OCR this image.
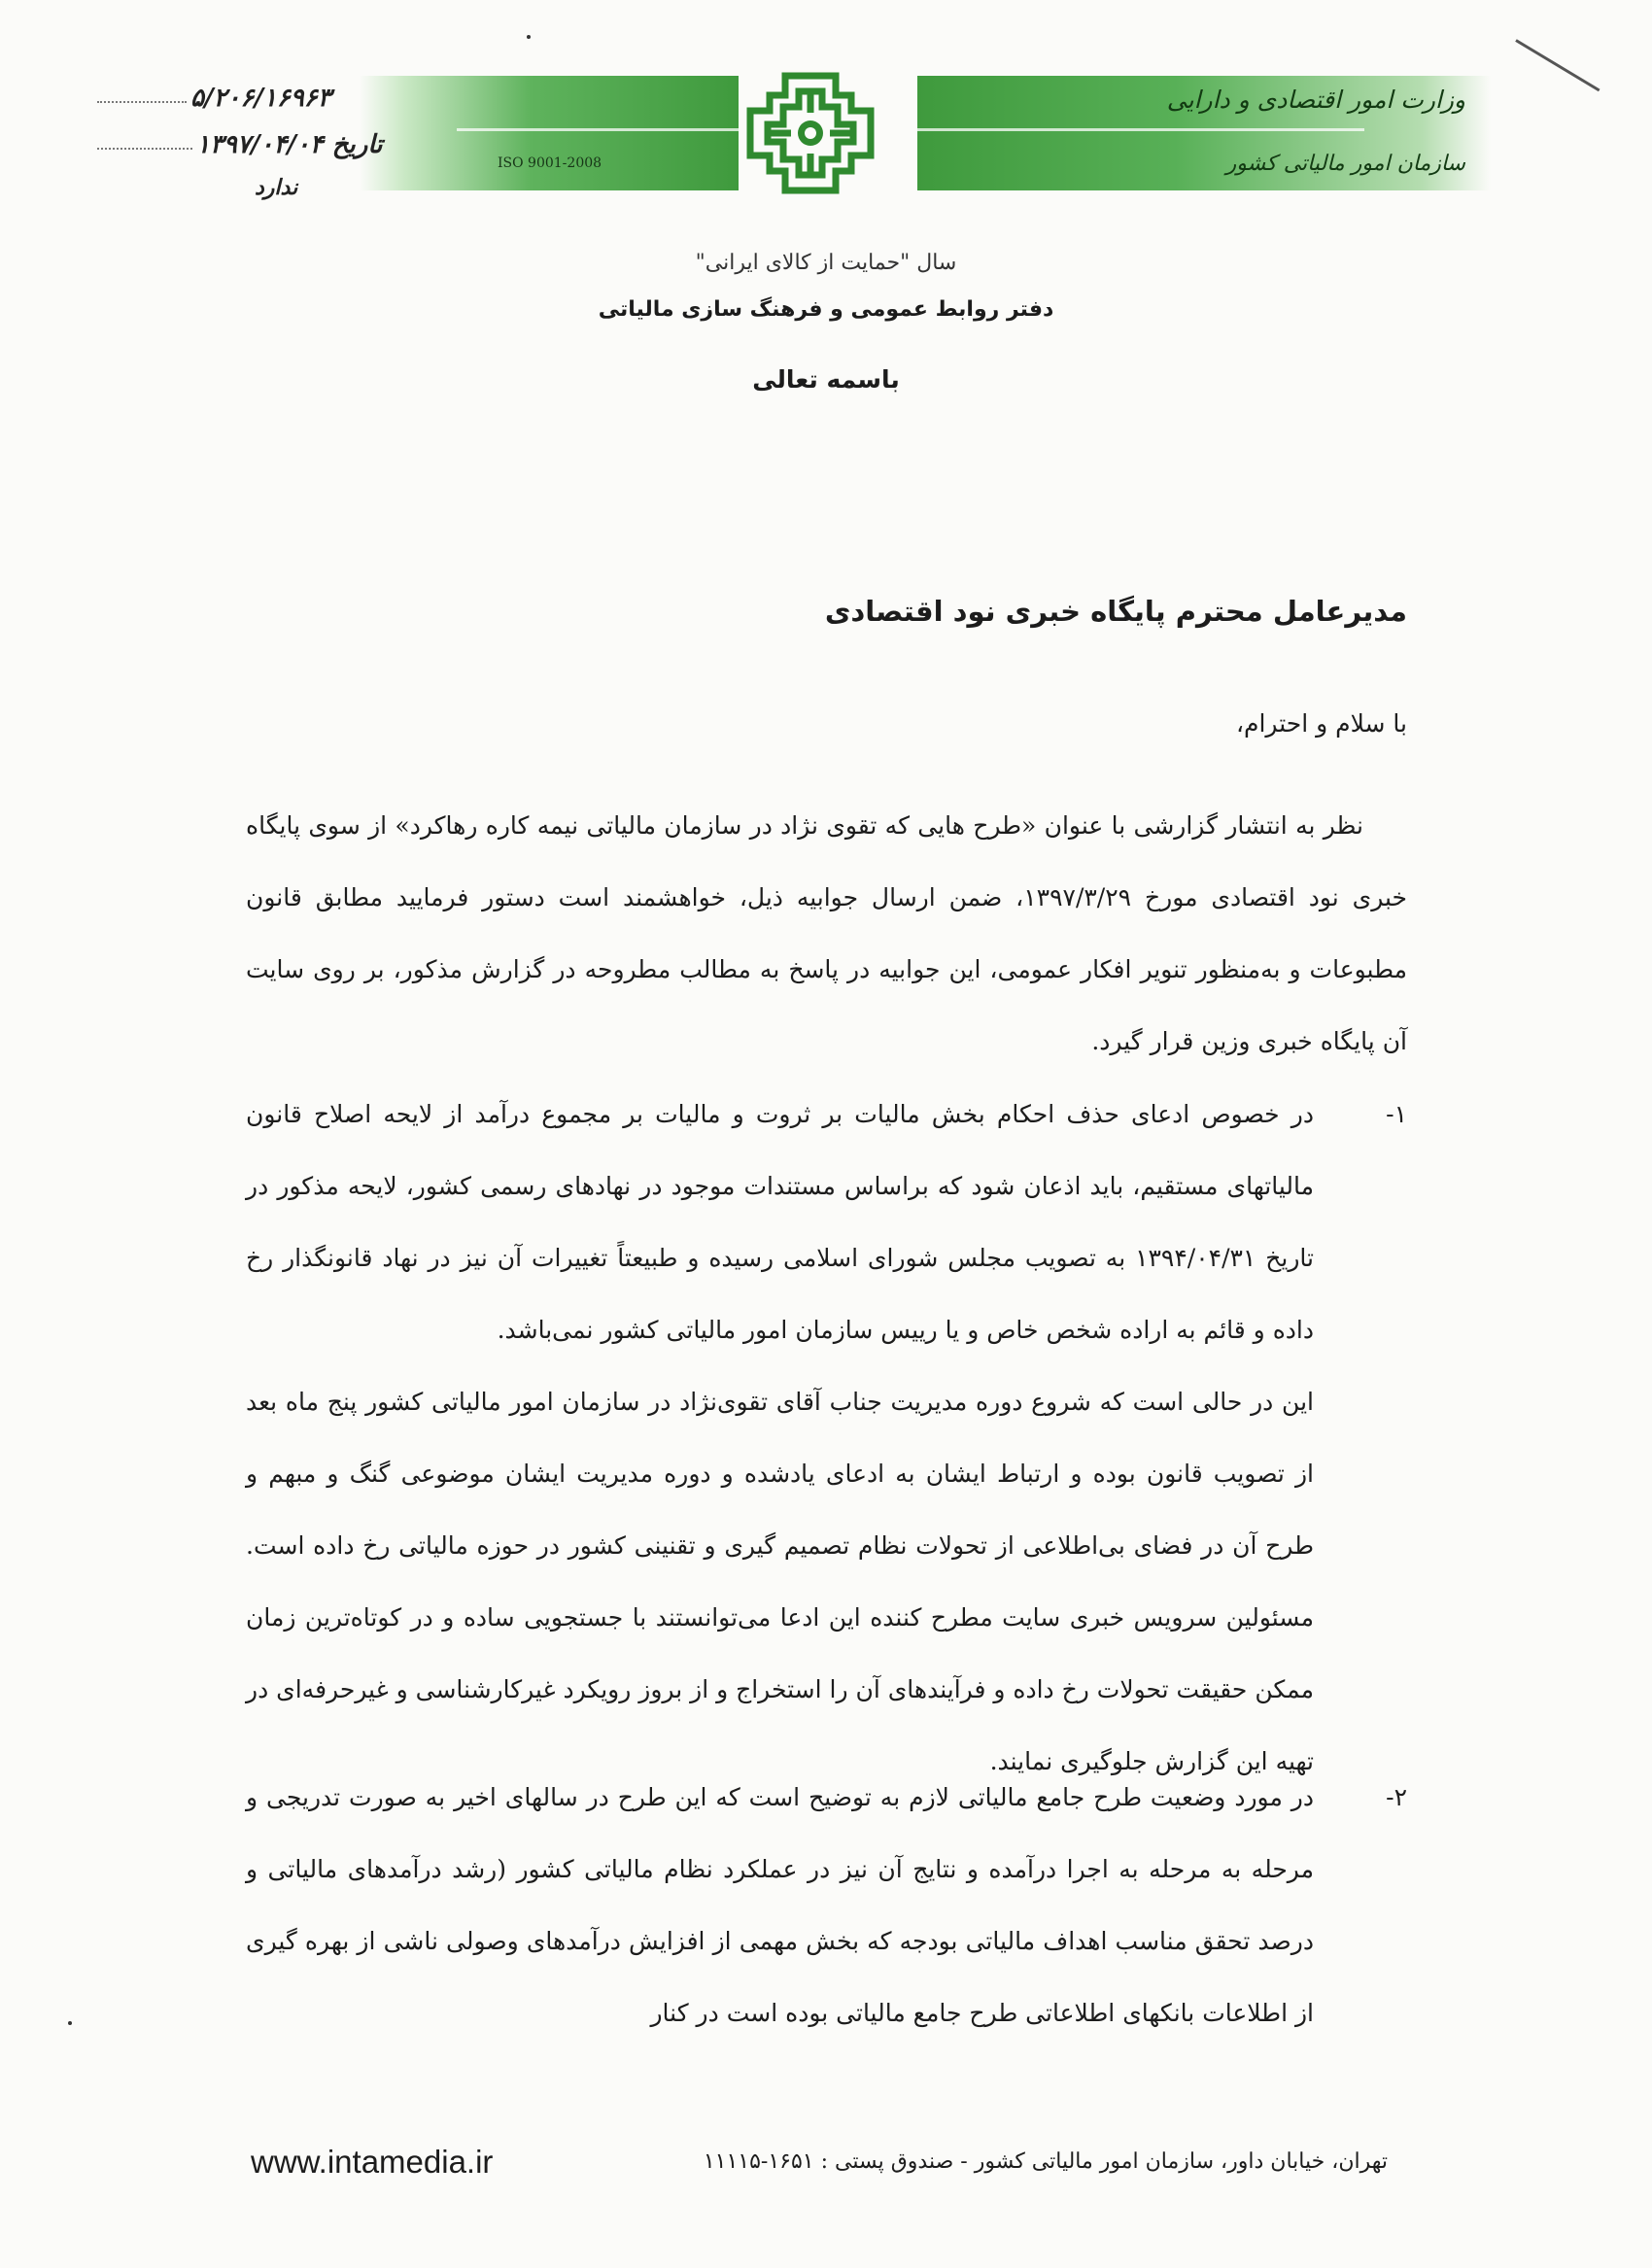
وزارت امور اقتصادی و دارایی
سازمان امور مالیاتی کشور
ISO 9001-2008
۵/۲۰۶/۱۶۹۶۳
تاریخ ۱۳۹۷/۰۴/۰۴
ندارد
سال "حمایت از کالای ایرانی"
دفتر روابط عمومی و فرهنگ سازی مالیاتی
باسمه تعالی
مدیرعامل محترم پایگاه خبری نود اقتصادی
با سلام و احترام،
نظر به انتشار گزارشی با عنوان «طرح هایی که تقوی نژاد در سازمان مالیاتی نیمه کاره رهاکرد» از سوی پایگاه خبری نود اقتصادی مورخ ۱۳۹۷/۳/۲۹، ضمن ارسال جوابیه ذیل، خواهشمند است دستور فرمایید مطابق قانون مطبوعات و به‌منظور تنویر افکار عمومی، این جوابیه در پاسخ به مطالب مطروحه در گزارش مذکور، بر روی سایت آن پایگاه خبری وزین قرار گیرد.
۱-
در خصوص ادعای حذف احکام بخش مالیات بر ثروت و مالیات بر مجموع درآمد از لایحه اصلاح قانون مالیاتهای مستقیم، باید اذعان شود که براساس مستندات موجود در نهادهای رسمی کشور، لایحه مذکور در تاریخ ۱۳۹۴/۰۴/۳۱ به تصویب مجلس شورای اسلامی رسیده و طبیعتاً تغییرات آن نیز در نهاد قانونگذار رخ داده و قائم به اراده شخص خاص و یا رییس سازمان امور مالیاتی کشور نمی‌باشد.
این در حالی است که شروع دوره مدیریت جناب آقای تقوی‌نژاد در سازمان امور مالیاتی کشور پنج ماه بعد از تصویب قانون بوده و ارتباط ایشان به ادعای یادشده و دوره مدیریت ایشان موضوعی گنگ و مبهم و طرح آن در فضای بی‌اطلاعی از تحولات نظام تصمیم گیری و تقنینی کشور در حوزه مالیاتی رخ داده است. مسئولین سرویس خبری سایت مطرح کننده این ادعا می‌توانستند با جستجویی ساده و در کوتاه‌ترین زمان ممکن حقیقت تحولات رخ داده و فرآیندهای آن را استخراج و از بروز رویکرد غیرکارشناسی و غیرحرفه‌ای در تهیه این گزارش جلوگیری نمایند.
۲-
در مورد وضعیت طرح جامع مالیاتی لازم به توضیح است که این طرح در سالهای اخیر به صورت تدریجی و مرحله به مرحله به اجرا درآمده و نتایج آن نیز در عملکرد نظام مالیاتی کشور (رشد درآمدهای مالیاتی و درصد تحقق مناسب اهداف مالیاتی بودجه که بخش مهمی از افزایش درآمدهای وصولی ناشی از بهره گیری از اطلاعات بانکهای اطلاعاتی طرح جامع مالیاتی بوده است در کنار
تهران، خیابان داور، سازمان امور مالیاتی کشور - صندوق پستی : ۱۶۵۱-۱۱۱۱۵
www.intamedia.ir
